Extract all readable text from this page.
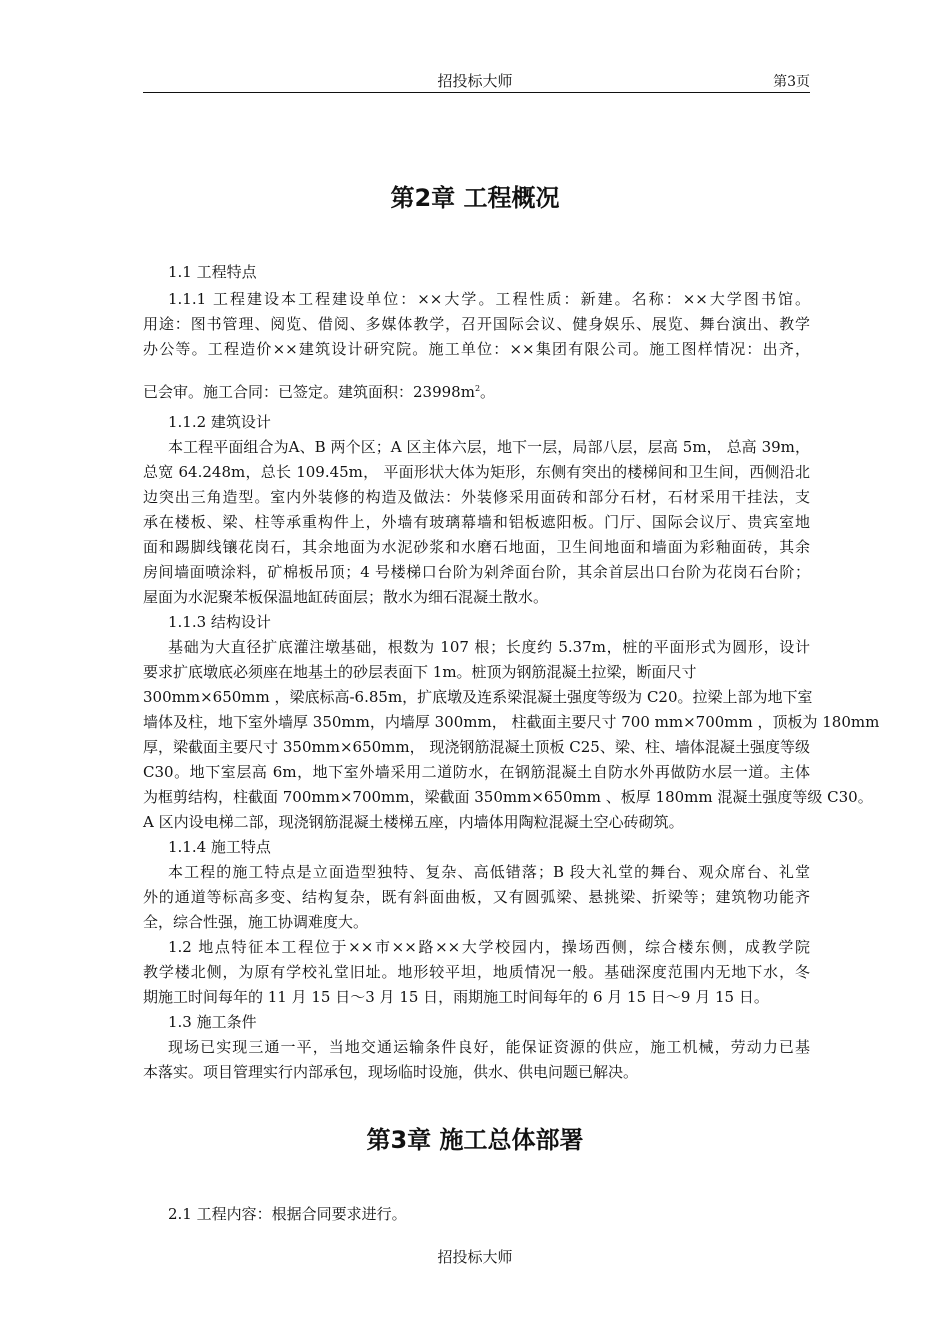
招投标大师	第3页
第2章 工程概况
1.1 工程特点
1.1.1 工程建设本工程建设单位：××大学。工程性质：新建。名称：××大学图书馆。
用途：图书管理、阅览、借阅、多媒体教学，召开国际会议、健身娱乐、展览、舞台演出、教学
办公等。工程造价××建筑设计研究院。施工单位：××集团有限公司。施工图样情况：出齐，
已会审。施工合同：已签定。建筑面积：$23998m^2$。
1.1.2 建筑设计
本工程平面组合为A、B 两个区；A 区主体六层，地下一层，局部八层，层高 5m， 总高 39m，
总宽 64.248m，总长 109.45m， 平面形状大体为矩形，东侧有突出的楼梯间和卫生间，西侧沿北
边突出三角造型。室内外装修的构造及做法：外装修采用面砖和部分石材，石材采用干挂法，支
承在楼板、梁、柱等承重构件上，外墙有玻璃幕墙和铝板遮阳板。门厅、国际会议厅、贵宾室地
面和踢脚线镶花岗石，其余地面为水泥砂浆和水磨石地面，卫生间地面和墙面为彩釉面砖，其余
房间墙面喷涂料，矿棉板吊顶；4 号楼梯口台阶为剁斧面台阶，其余首层出口台阶为花岗石台阶；
屋面为水泥聚苯板保温地缸砖面层；散水为细石混凝土散水。
1.1.3 结构设计
基础为大直径扩底灌注墩基础，根数为 107 根；长度约 5.37m，桩的平面形式为圆形，设计
要求扩底墩底必须座在地基土的砂层表面下 1m。桩顶为钢筋混凝土拉梁，断面尺寸
300mm×650mm ，梁底标高-6.85m，扩底墩及连系梁混凝土强度等级为 C20。拉梁上部为地下室
墙体及柱，地下室外墙厚 350mm，内墙厚 300mm， 柱截面主要尺寸 700 mm×700mm ，顶板为 180mm
厚，梁截面主要尺寸 350mm×650mm， 现浇钢筋混凝土顶板 C25、梁、柱、墙体混凝土强度等级
C30。地下室层高 6m，地下室外墙采用二道防水，在钢筋混凝土自防水外再做防水层一道。主体
为框剪结构，柱截面 700mm×700mm，梁截面 350mm×650mm 、板厚 180mm 混凝土强度等级 C30。
A 区内设电梯二部，现浇钢筋混凝土楼梯五座，内墙体用陶粒混凝土空心砖砌筑。
1.1.4 施工特点
本工程的施工特点是立面造型独特、复杂、高低错落；B 段大礼堂的舞台、观众席台、礼堂
外的通道等标高多变、结构复杂，既有斜面曲板，又有圆弧梁、悬挑梁、折梁等；建筑物功能齐
全，综合性强，施工协调难度大。
1.2 地点特征本工程位于××市××路××大学校园内，操场西侧，综合楼东侧，成教学院
教学楼北侧，为原有学校礼堂旧址。地形较平坦，地质情况一般。基础深度范围内无地下水，冬
期施工时间每年的 11 月 15 日～3 月 15 日，雨期施工时间每年的 6 月 15 日～9 月 15 日。
1.3 施工条件
现场已实现三通一平，当地交通运输条件良好，能保证资源的供应，施工机械，劳动力已基
本落实。项目管理实行内部承包，现场临时设施，供水、供电问题已解决。
第3章 施工总体部署
2.1 工程内容：根据合同要求进行。
招投标大师
